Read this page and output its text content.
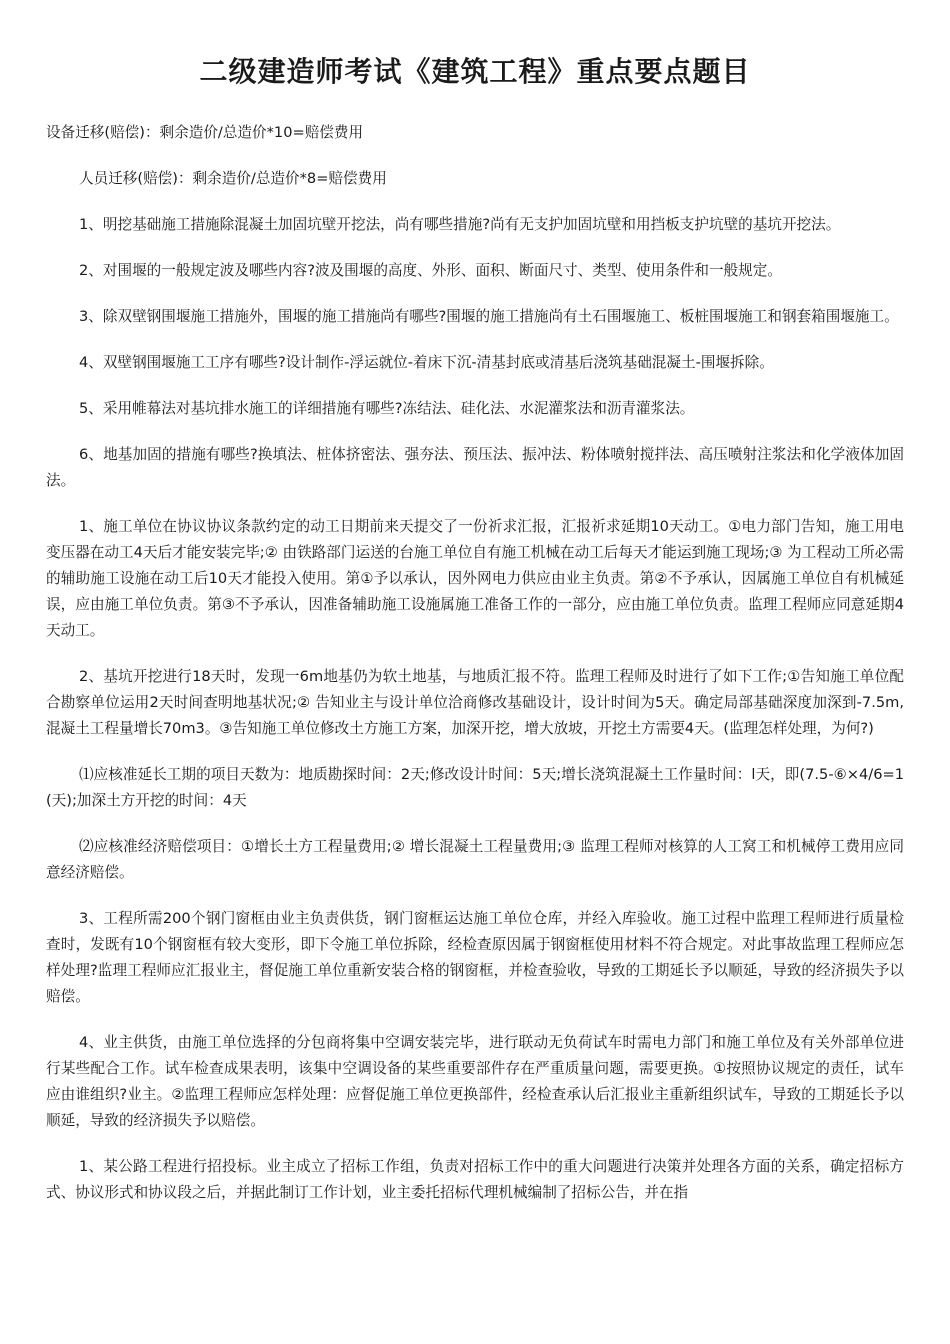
二级建造师考试《建筑工程》重点要点题目

设备迁移(赔偿)：剩余造价/总造价*10=赔偿费用

人员迁移(赔偿)：剩余造价/总造价*8=赔偿费用

1、明挖基础施工措施除混凝土加固坑壁开挖法，尚有哪些措施?尚有无支护加固坑壁和用挡板支护坑壁的基坑开挖法。

2、对围堰的一般规定波及哪些内容?波及围堰的高度、外形、面积、断面尺寸、类型、使用条件和一般规定。

3、除双壁钢围堰施工措施外，围堰的施工措施尚有哪些?围堰的施工措施尚有土石围堰施工、板桩围堰施工和钢套箱围堰施工。

4、双壁钢围堰施工工序有哪些?设计制作-浮运就位-着床下沉-清基封底或清基后浇筑基础混凝土-围堰拆除。

5、采用帷幕法对基坑排水施工的详细措施有哪些?冻结法、硅化法、水泥灌浆法和沥青灌浆法。

6、地基加固的措施有哪些?换填法、桩体挤密法、强夯法、预压法、振冲法、粉体喷射搅拌法、高压喷射注浆法和化学液体加固法。

1、施工单位在协议协议条款约定的动工日期前来天提交了一份祈求汇报，汇报祈求延期10天动工。①电力部门告知，施工用电变压器在动工4天后才能安装完毕;② 由铁路部门运送的台施工单位自有施工机械在动工后每天才能运到施工现场;③ 为工程动工所必需的辅助施工设施在动工后10天才能投入使用。第①予以承认，因外网电力供应由业主负责。第②不予承认，因属施工单位自有机械延误，应由施工单位负责。第③不予承认，因准备辅助施工设施属施工准备工作的一部分，应由施工单位负责。监理工程师应同意延期4天动工。

2、基坑开挖进行18天时，发现一6m地基仍为软土地基，与地质汇报不符。监理工程师及时进行了如下工作;①告知施工单位配合勘察单位运用2天时间查明地基状况;② 告知业主与设计单位洽商修改基础设计，设计时间为5天。确定局部基础深度加深到-7.5m,混凝土工程量增长70m3。③告知施工单位修改土方施工方案，加深开挖，增大放坡，开挖土方需要4天。(监理怎样处理，为何?)

⑴应核准延长工期的项目天数为：地质勘探时间：2天;修改设计时间：5天;增长浇筑混凝土工作量时间：l天，即(7.5-⑥×4/6=1(天);加深土方开挖的时间：4天

⑵应核准经济赔偿项目：①增长土方工程量费用;② 增长混凝土工程量费用;③ 监理工程师对核算的人工窝工和机械停工费用应同意经济赔偿。

3、工程所需200个钢门窗框由业主负责供货，钢门窗框运达施工单位仓库，并经入库验收。施工过程中监理工程师进行质量检查时，发既有10个钢窗框有较大变形，即下令施工单位拆除，经检查原因属于钢窗框使用材料不符合规定。对此事故监理工程师应怎样处理?监理工程师应汇报业主，督促施工单位重新安装合格的钢窗框，并检查验收，导致的工期延长予以顺延，导致的经济损失予以赔偿。

4、业主供货，由施工单位选择的分包商将集中空调安装完毕，进行联动无负荷试车时需电力部门和施工单位及有关外部单位进行某些配合工作。试车检查成果表明，该集中空调设备的某些重要部件存在严重质量问题，需要更换。①按照协议规定的责任，试车应由谁组织?业主。②监理工程师应怎样处理：应督促施工单位更换部件，经检查承认后汇报业主重新组织试车，导致的工期延长予以顺延，导致的经济损失予以赔偿。

1、某公路工程进行招投标。业主成立了招标工作组，负责对招标工作中的重大问题进行决策并处理各方面的关系，确定招标方式、协议形式和协议段之后，并据此制订工作计划，业主委托招标代理机械编制了招标公告，并在指
